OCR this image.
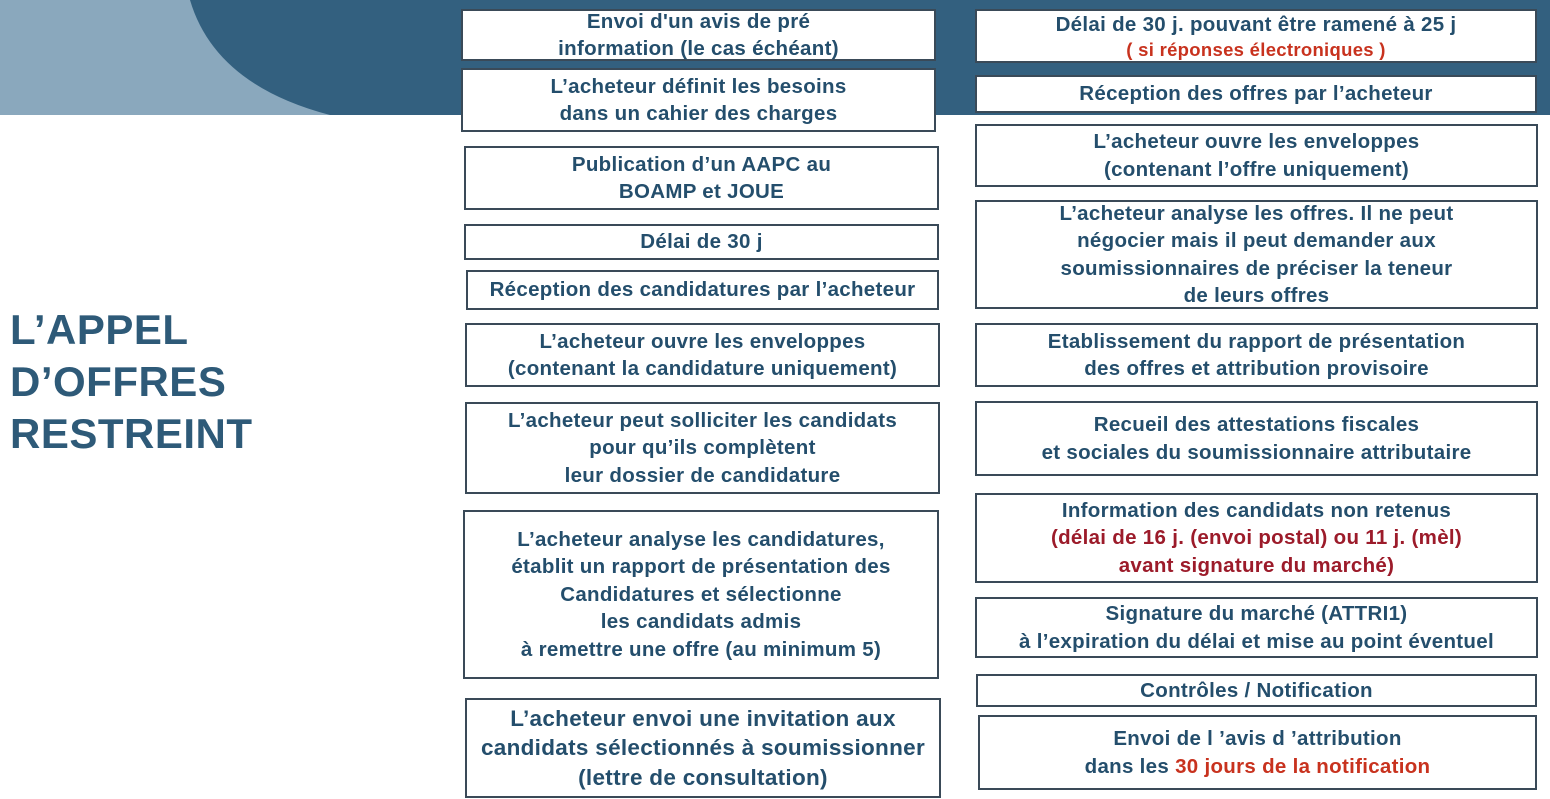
L’APPEL
D’OFFRES
RESTREINT
Envoi d'un avis de pré
information (le cas échéant)
L’acheteur définit les besoins
dans un cahier des charges
Publication d’un AAPC au
BOAMP et JOUE
Délai de 30 j
Réception des candidatures par l’acheteur
L’acheteur ouvre les enveloppes
(contenant la candidature uniquement)
L’acheteur peut solliciter les candidats
pour qu’ils complètent
leur dossier de candidature
L’acheteur analyse les candidatures,
établit un rapport de présentation des
Candidatures et sélectionne
les candidats admis
à remettre une offre (au minimum 5)
L’acheteur envoi une invitation aux
candidats sélectionnés à soumissionner
(lettre de consultation)
Délai de 30 j. pouvant être ramené à 25 j
( si réponses électroniques )
Réception des offres par l’acheteur
L’acheteur ouvre les enveloppes
(contenant l’offre uniquement)
L’acheteur analyse les offres. Il ne peut
négocier mais il peut demander aux
soumissionnaires de préciser la teneur
de leurs offres
Etablissement du rapport de présentation
des offres et attribution provisoire
Recueil des attestations fiscales
et sociales du soumissionnaire attributaire
Information des candidats non retenus
(délai de 16 j. (envoi postal) ou 11 j. (mèl)
avant signature du marché)
Signature du marché (ATTRI1)
à l’expiration du délai et mise au point éventuel
Contrôles / Notification
Envoi de l ’avis d ’attribution
dans les 30 jours de la notification
